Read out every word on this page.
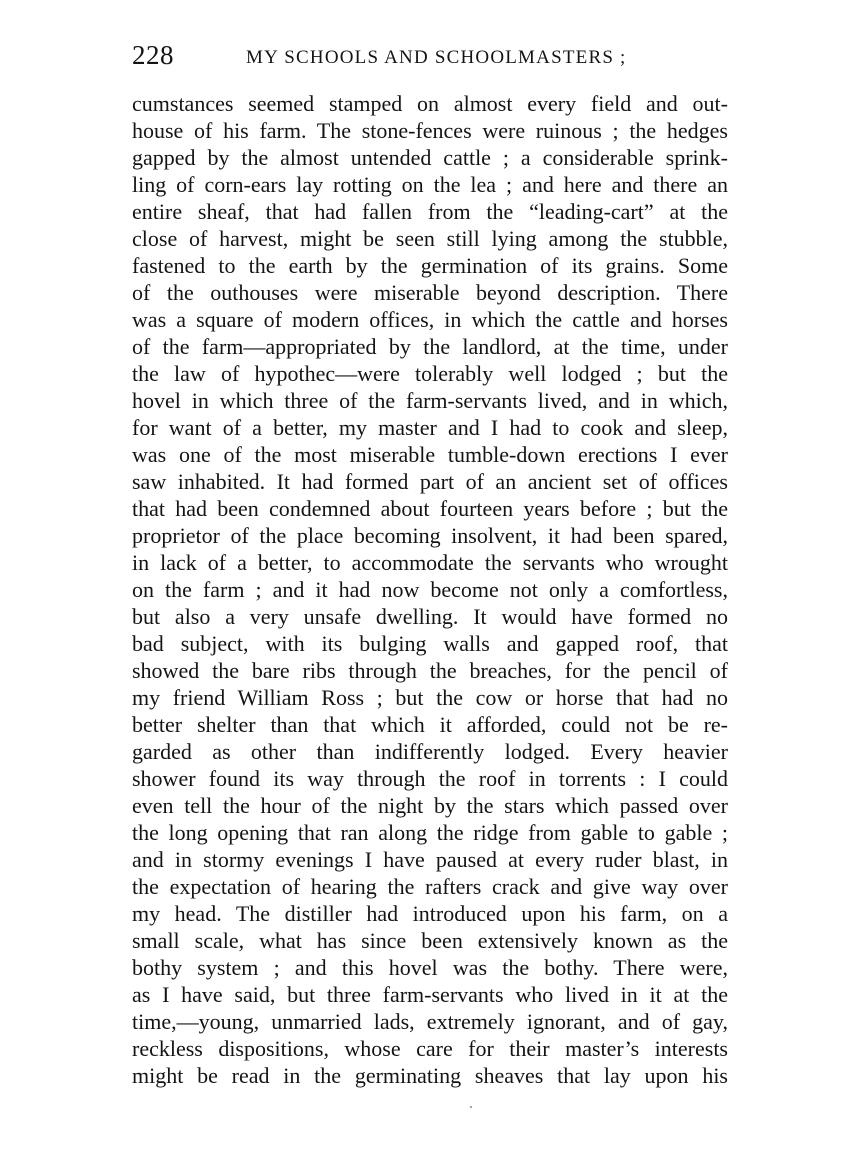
228	MY SCHOOLS AND SCHOOLMASTERS ;
cumstances seemed stamped on almost every field and out-
house of his farm. The stone-fences were ruinous ; the hedges
gapped by the almost untended cattle ; a considerable sprink-
ling of corn-ears lay rotting on the lea ; and here and there an
entire sheaf, that had fallen from the “leading-cart” at the
close of harvest, might be seen still lying among the stubble,
fastened to the earth by the germination of its grains. Some
of the outhouses were miserable beyond description. There
was a square of modern offices, in which the cattle and horses
of the farm—appropriated by the landlord, at the time, under
the law of hypothec—were tolerably well lodged ; but the
hovel in which three of the farm-servants lived, and in which,
for want of a better, my master and I had to cook and sleep,
was one of the most miserable tumble-down erections I ever
saw inhabited. It had formed part of an ancient set of offices
that had been condemned about fourteen years before ; but the
proprietor of the place becoming insolvent, it had been spared,
in lack of a better, to accommodate the servants who wrought
on the farm ; and it had now become not only a comfortless,
but also a very unsafe dwelling. It would have formed no
bad subject, with its bulging walls and gapped roof, that
showed the bare ribs through the breaches, for the pencil of
my friend William Ross ; but the cow or horse that had no
better shelter than that which it afforded, could not be re-
garded as other than indifferently lodged. Every heavier
shower found its way through the roof in torrents : I could
even tell the hour of the night by the stars which passed over
the long opening that ran along the ridge from gable to gable ;
and in stormy evenings I have paused at every ruder blast, in
the expectation of hearing the rafters crack and give way over
my head. The distiller had introduced upon his farm, on a
small scale, what has since been extensively known as the
bothy system ; and this hovel was the bothy. There were,
as I have said, but three farm-servants who lived in it at the
time,—young, unmarried lads, extremely ignorant, and of gay,
reckless dispositions, whose care for their master’s interests
might be read in the germinating sheaves that lay upon his
